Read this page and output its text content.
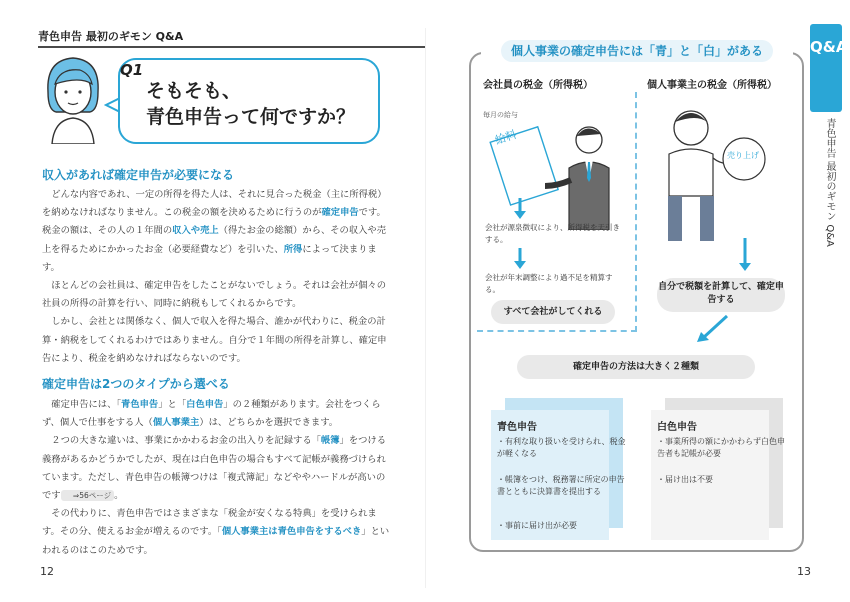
青色申告 最初のギモン Q&A
Q1
そもそも、
青色申告って何ですか？
収入があれば確定申告が必要になる

どんな内容であれ、一定の所得を得た人は、それに見合った税金（主に所得税）を納めなければなりません。この税金の額を決めるために行うのが確定申告です。税金の額は、その人の１年間の収入や売上（得たお金の総額）から、その収入や売上を得るためにかかったお金（必要経費など）を引いた、所得によって決まります。

ほとんどの会社員は、確定申告をしたことがないでしょう。それは会社が個々の社員の所得の計算を行い、同時に納税もしてくれるからです。

しかし、会社とは関係なく、個人で収入を得た場合、誰かが代わりに、税金の計算・納税をしてくれるわけではありません。自分で１年間の所得を計算し、確定申告により、税金を納めなければならないのです。

確定申告は2つのタイプから選べる

確定申告には、「青色申告」と「白色申告」の２種類があります。会社をつくらず、個人で仕事をする人（個人事業主）は、どちらかを選択できます。

２つの大きな違いは、事業にかかわるお金の出入りを記録する「帳簿」をつける義務があるかどうかでしたが、現在は白色申告の場合もすべて記帳が義務づけられています。ただし、青色申告の帳簿つけは「複式簿記」などややハードルが高いのです ⇒56ページ 。

その代わりに、青色申告ではさまざまな「税金が安くなる特典」を受けられます。その分、使えるお金が増えるのです。「個人事業主は青色申告をするべき」といわれるのはこのためです。

12
個人事業の確定申告には「青」と「白」がある
会社員の税金（所得税）	個人事業主の税金（所得税）
毎月の給与
給料
会社が源泉徴収により、所得税を天引きする。
会社が年末調整により過不足を精算する。
すべて会社がしてくれる
売り上げ
自分で税額を計算して、確定申告する
確定申告の方法は大きく２種類
青色申告
・有利な取り扱いを受けられ、税金が軽くなる
・帳簿をつけ、税務署に所定の申告書とともに決算書を提出する
・事前に届け出が必要
白色申告
・事業所得の額にかかわらず白色申告者も記帳が必要
・届け出は不要
13
Q&A
青色申告 最初のギモン Q&A
